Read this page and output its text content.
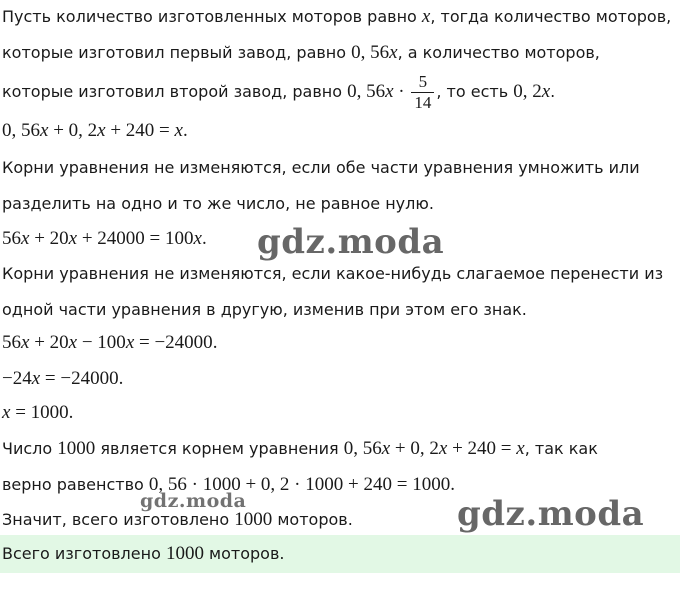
Пусть количество изготовленных моторов равно x, тогда количество моторов,
которые изготовил первый завод, равно 0, 56x, а количество моторов,
которые изготовил второй завод, равно 0, $56x \cdot \frac{5}{14}$ , то есть 0, 2x.
0, 56x + 0, 2x + 240 = x.
Корни уравнения не изменяются, если обе части уравнения умножить или
разделить на одно и то же число, не равное нулю.
56x + 20x + 24000 = 100x.
Корни уравнения не изменяются, если какое-нибудь слагаемое перенести из
одной части уравнения в другую, изменив при этом его знак.
56x + 20x − 100x = −24000.
−24x = −24000.
x = 1000.
Число 1000 является корнем уравнения 0, 56x + 0, 2x + 240 = x, так как
верно равенство 0, 56 · 1000 + 0, 2 · 1000 + 240 = 1000.
Значит, всего изготовлено 1000 моторов.
Всего изготовлено 1000 моторов.
gdz.moda
gdz.moda	gdz.moda
